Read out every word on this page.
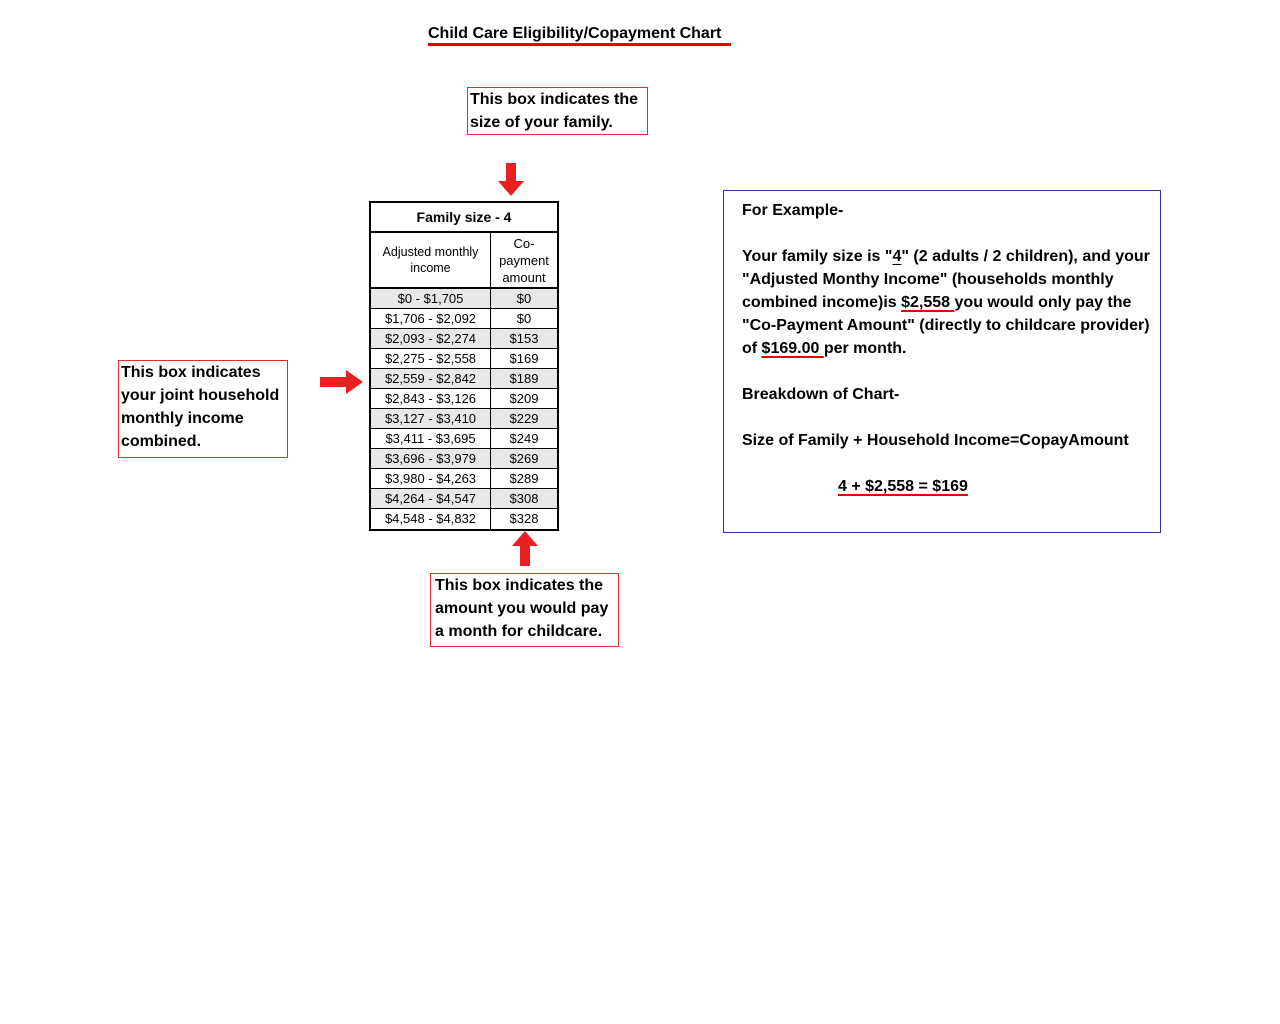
Child Care Eligibility/Copayment Chart
This box indicates the size of your family.
This box indicates your joint household monthly income combined.
Family size - 4
Adjusted monthly income
Co-payment amount
$0 - $1,705	$0
$1,706 - $2,092	$0
$2,093 - $2,274	$153
$2,275 - $2,558	$169
$2,559 - $2,842	$189
$2,843 - $3,126	$209
$3,127 - $3,410	$229
$3,411 - $3,695	$249
$3,696 - $3,979	$269
$3,980 - $4,263	$289
$4,264 - $4,547	$308
$4,548 - $4,832	$328
This box indicates the amount you would pay a month for childcare.

For Example-

Your family size is "4" (2 adults / 2 children), and your "Adjusted Monthy Income" (households monthly combined income)is $2,558 you would only pay the "Co-Payment Amount" (directly to childcare provider) of $169.00 per month.

Breakdown of Chart-

Size of Family + Household Income=CopayAmount

4 + $2,558 = $169
